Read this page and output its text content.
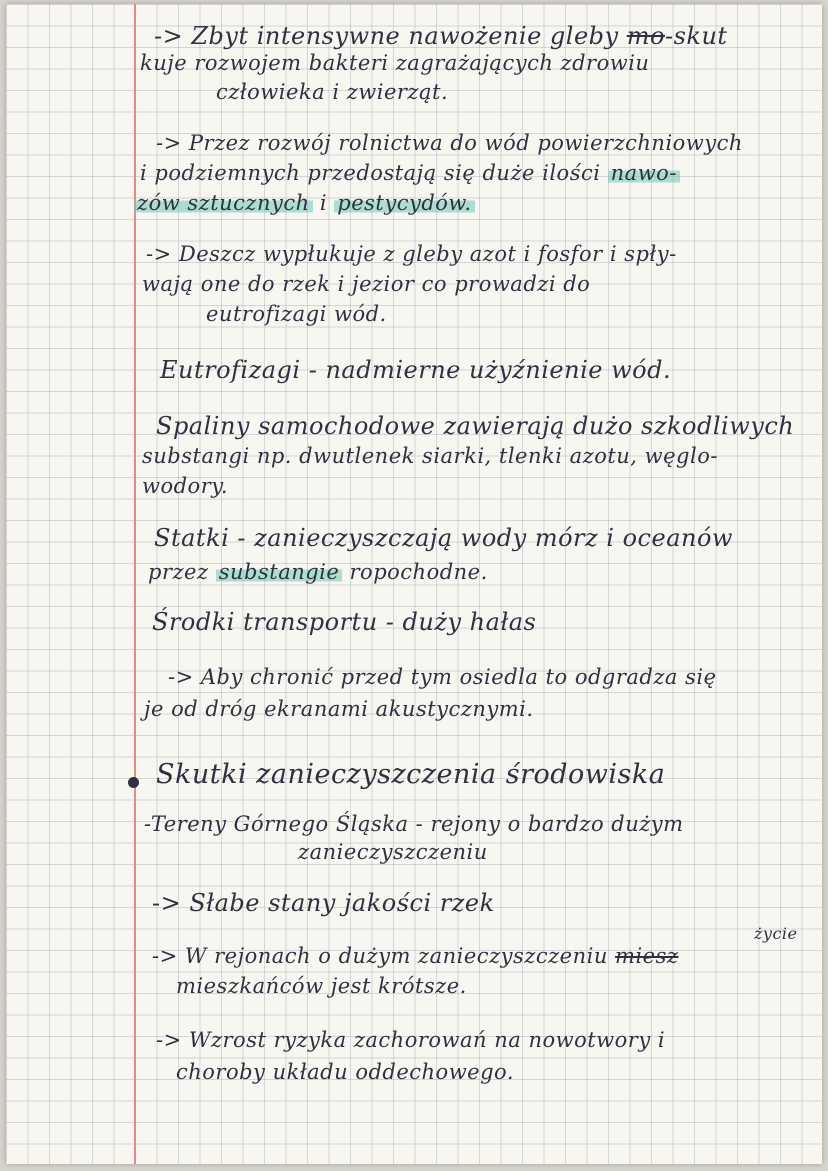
-> Zbyt intensywne nawożenie gleby mo-skut
kuje rozwojem bakteri zagrażających zdrowiu
człowieka i zwierząt.
-> Przez rozwój rolnictwa do wód powierzchniowych
i podziemnych przedostają się duże ilości nawo-
zów sztucznych i pestycydów.
-> Deszcz wypłukuje z gleby azot i fosfor i spły-
wają one do rzek i jezior co prowadzi do
eutrofizagi wód.
Eutrofizagi - nadmierne użyźnienie wód.
Spaliny samochodowe zawierają dużo szkodliwych
substangi np. dwutlenek siarki, tlenki azotu, węglo-
wodory.
Statki - zanieczyszczają wody mórz i oceanów
przez substangie ropochodne.
Środki transportu - duży hałas
-> Aby chronić przed tym osiedla to odgradza się
je od dróg ekranami akustycznymi.
Skutki zanieczyszczenia środowiska
-Tereny Górnego Śląska - rejony o bardzo dużym
zanieczyszczeniu
-> Słabe stany jakości rzek
życie
-> W rejonach o dużym zanieczyszczeniu miesz
mieszkańców jest krótsze.
-> Wzrost ryzyka zachorowań na nowotwory i
choroby układu oddechowego.
